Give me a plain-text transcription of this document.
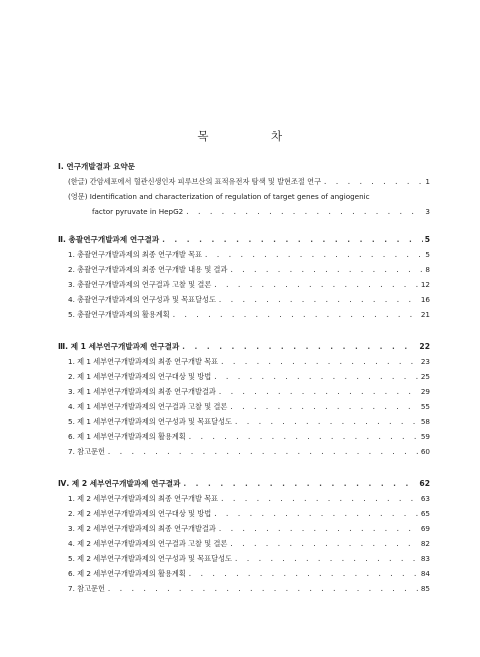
목	차
Ⅰ. 연구개발결과 요약문
(한글) 간암세포에서 혈관신생인자 피루브산의 표적유전자 탐색 및 발현조절 연구 . . .	1
(영문) Identification and characterization of regulation of target genes of angiogenic
factor pyruvate in HepG2 . . .	3
Ⅱ. 총괄연구개발과제 연구결과 . . .	5
1. 총괄연구개발과제의 최종 연구개발 목표 . . .	5
2. 총괄연구개발과제의 최종 연구개발 내용 및 결과 . . .	8
3. 총괄연구개발과제의 연구결과 고찰 및 결론 . . .	12
4. 총괄연구개발과제의 연구성과 및 목표달성도 . . .	16
5. 총괄연구개발과제의 활용계획 . . .	21
Ⅲ. 제 1 세부연구개발과제 연구결과 . . .	22
1. 제 1 세부연구개발과제의 최종 연구개발 목표 . . .	23
2. 제 1 세부연구개발과제의 연구대상 및 방법 . . .	25
3. 제 1 세부연구개발과제의 최종 연구개발결과 . . .	29
4. 제 1 세부연구개발과제의 연구결과 고찰 및 결론 . . .	55
5. 제 1 세부연구개발과제의 연구성과 및 목표달성도 . . .	58
6. 제 1 세부연구개발과제의 활용계획 . . .	59
7. 참고문헌 . . .	60
Ⅳ. 제 2 세부연구개발과제 연구결과 . . .	62
1. 제 2 세부연구개발과제의 최종 연구개발 목표 . . .	63
2. 제 2 세부연구개발과제의 연구대상 및 방법 . . .	65
3. 제 2 세부연구개발과제의 최종 연구개발결과 . . .	69
4. 제 2 세부연구개발과제의 연구결과 고찰 및 결론 . . .	82
5. 제 2 세부연구개발과제의 연구성과 및 목표달성도 . . .	83
6. 제 2 세부연구개발과제의 활용계획 . . .	84
7. 참고문헌 . . .	85
